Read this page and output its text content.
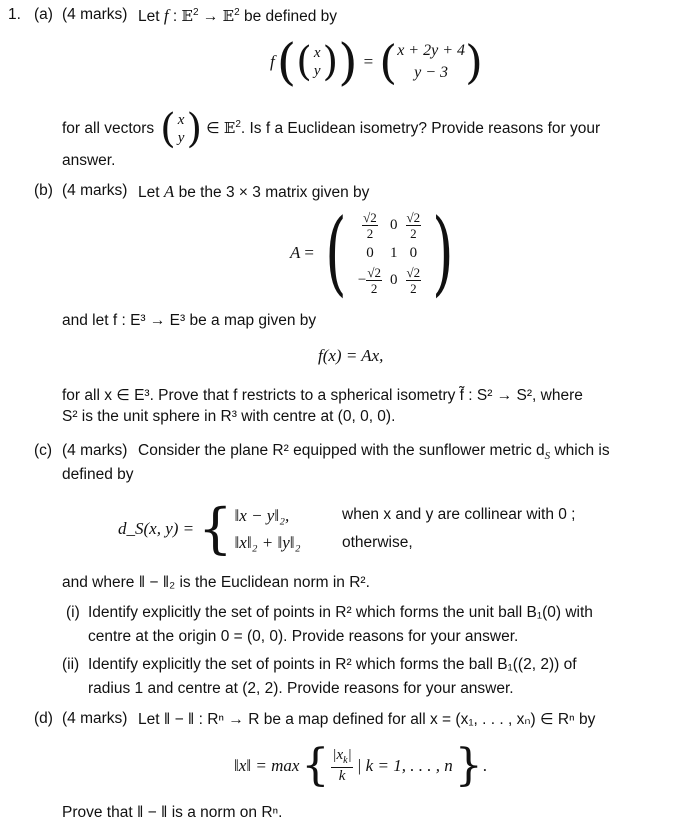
1. (a) (4 marks) Let f : 𝔼$^2$ → 𝔼$^2$ be defined by
f ( ( x
y ) ) = ( x + 2y + 4
y − 3 )
for all vectors ( x
y ) ∈ 𝔼$^2$ . Is f a Euclidean isometry? Provide reasons for your
answer.
(b) (4 marks) Let A be the 3 × 3 matrix given by
A = ( $\frac{√2}{2}$	0	$\frac{√2}{2}$

0	1	0
− $\frac{√2}{2}$	0	$\frac{√2}{2}$ )
and let f : E³ → E³ be a map given by
f(x) = Ax,
for all x ∈ E³. Prove that f restricts to a spherical isometry f̃ : S² → S², where
S² is the unit sphere in R³ with centre at (0, 0, 0).
(c) (4 marks) Consider the plane R² equipped with the sunflower metric $d_S$ which is
defined by
d_S(x, y) = { ‖x − y‖₂,
‖x‖₂ + ‖y‖₂
when x and y are collinear with 0 ;
otherwise,
and where ‖ − ‖₂ is the Euclidean norm in R².
(i) Identify explicitly the set of points in R² which forms the unit ball B₁(0) with
centre at the origin 0 = (0, 0). Provide reasons for your answer.
(ii) Identify explicitly the set of points in R² which forms the ball B₁((2, 2)) of
radius 1 and centre at (2, 2). Provide reasons for your answer.
(d) (4 marks) Let ‖ − ‖ : Rⁿ → R be a map defined for all x = (x₁, . . . , xₙ) ∈ Rⁿ by
‖x‖ = max { $\frac{|x_k|}{k}$ | k = 1, . . . , n } .
Prove that ‖ − ‖ is a norm on Rⁿ.
